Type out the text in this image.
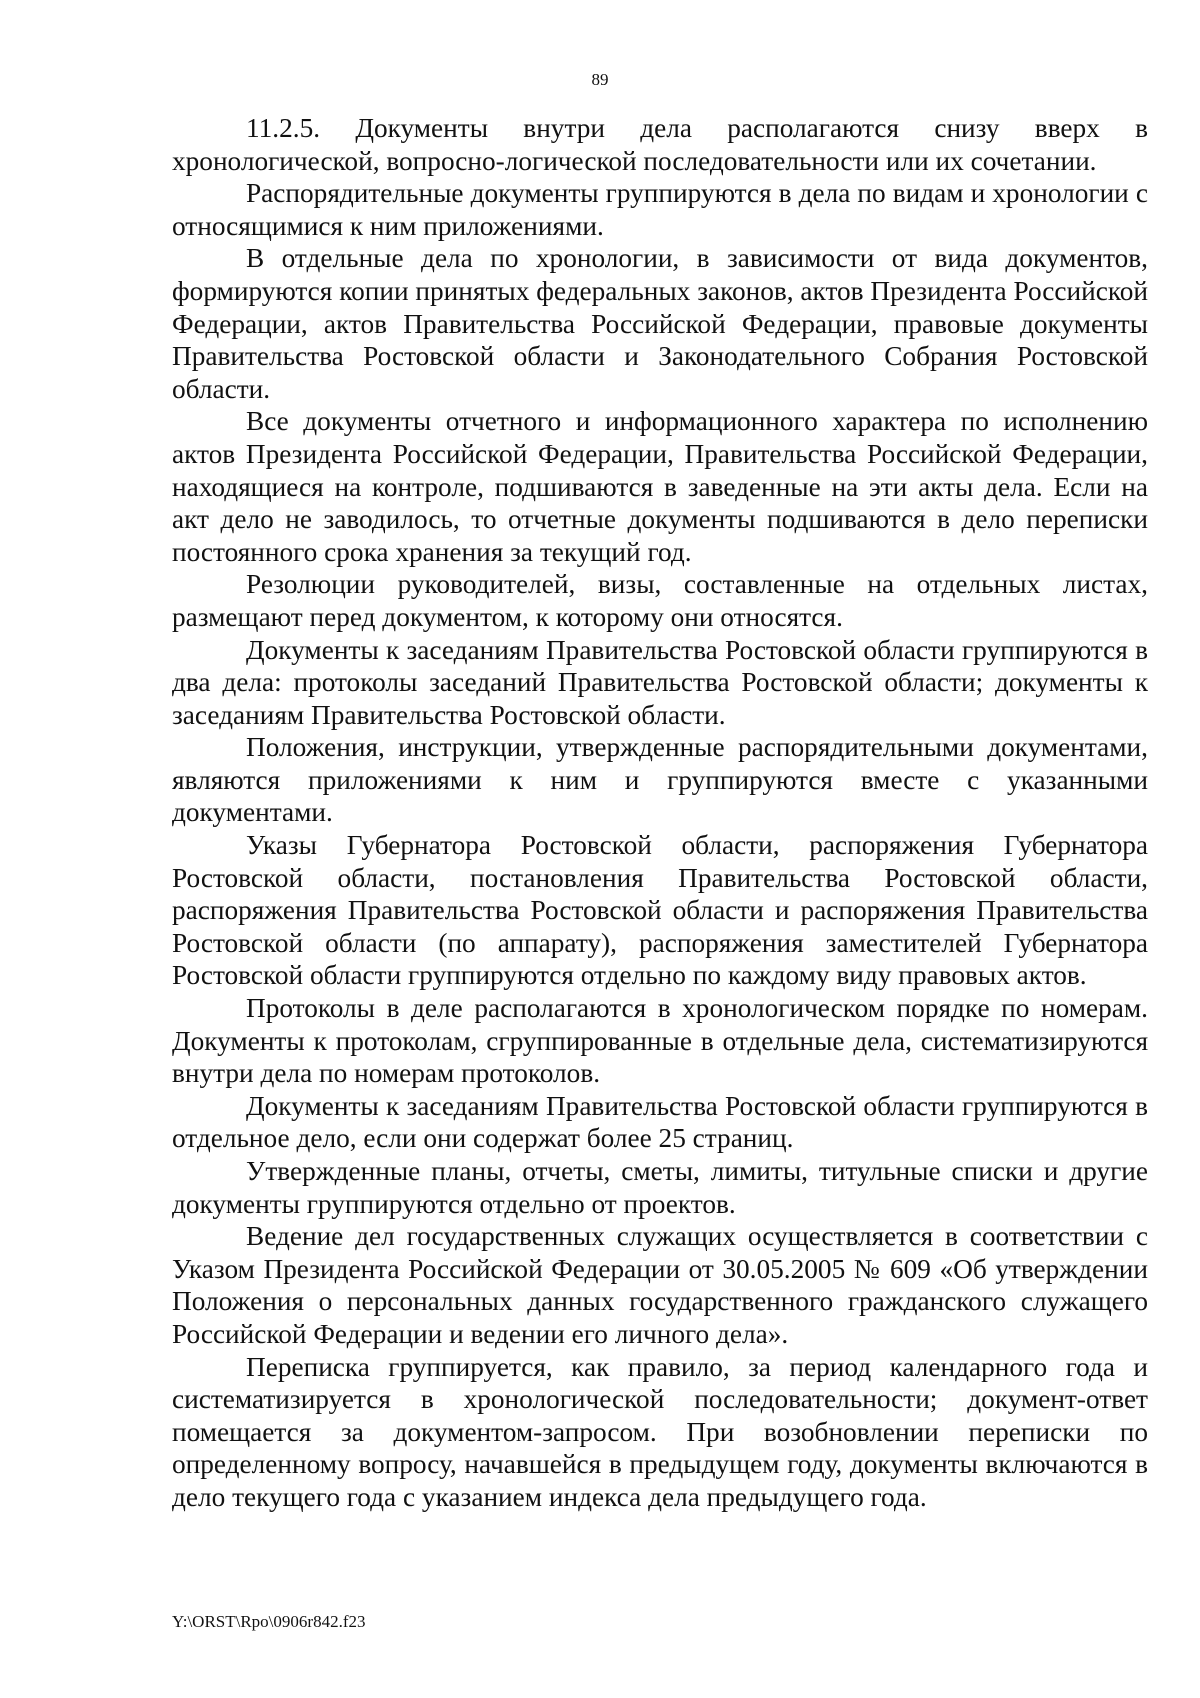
89

11.2.5. Документы внутри дела располагаются снизу вверх в хронологической, вопросно-логической последовательности или их сочетании.

Распорядительные документы группируются в дела по видам и хронологии с относящимися к ним приложениями.

В отдельные дела по хронологии, в зависимости от вида документов, формируются копии принятых федеральных законов, актов Президента Российской Федерации, актов Правительства Российской Федерации, правовые документы Правительства Ростовской области и Законодательного Собрания Ростовской области.

Все документы отчетного и информационного характера по исполнению актов Президента Российской Федерации, Правительства Российской Федерации, находящиеся на контроле, подшиваются в заведенные на эти акты дела. Если на акт дело не заводилось, то отчетные документы подшиваются в дело переписки постоянного срока хранения за текущий год.

Резолюции руководителей, визы, составленные на отдельных листах, размещают перед документом, к которому они относятся.

Документы к заседаниям Правительства Ростовской области группируются в два дела: протоколы заседаний Правительства Ростовской области; документы к заседаниям Правительства Ростовской области.

Положения, инструкции, утвержденные распорядительными документами, являются приложениями к ним и группируются вместе с указанными документами.

Указы Губернатора Ростовской области, распоряжения Губернатора Ростовской области, постановления Правительства Ростовской области, распоряжения Правительства Ростовской области и распоряжения Правительства Ростовской области (по аппарату), распоряжения заместителей Губернатора Ростовской области группируются отдельно по каждому виду правовых актов.

Протоколы в деле располагаются в хронологическом порядке по номерам. Документы к протоколам, сгруппированные в отдельные дела, систематизируются внутри дела по номерам протоколов.

Документы к заседаниям Правительства Ростовской области группируются в отдельное дело, если они содержат более 25 страниц.

Утвержденные планы, отчеты, сметы, лимиты, титульные списки и другие документы группируются отдельно от проектов.

Ведение дел государственных служащих осуществляется в соответствии с Указом Президента Российской Федерации от 30.05.2005 № 609 «Об утверждении Положения о персональных данных государственного гражданского служащего Российской Федерации и ведении его личного дела».

Переписка группируется, как правило, за период календарного года и систематизируется в хронологической последовательности; документ-ответ помещается за документом-запросом. При возобновлении переписки по определенному вопросу, начавшейся в предыдущем году, документы включаются в дело текущего года с указанием индекса дела предыдущего года.

Y:\ORST\Rpo\0906r842.f23
